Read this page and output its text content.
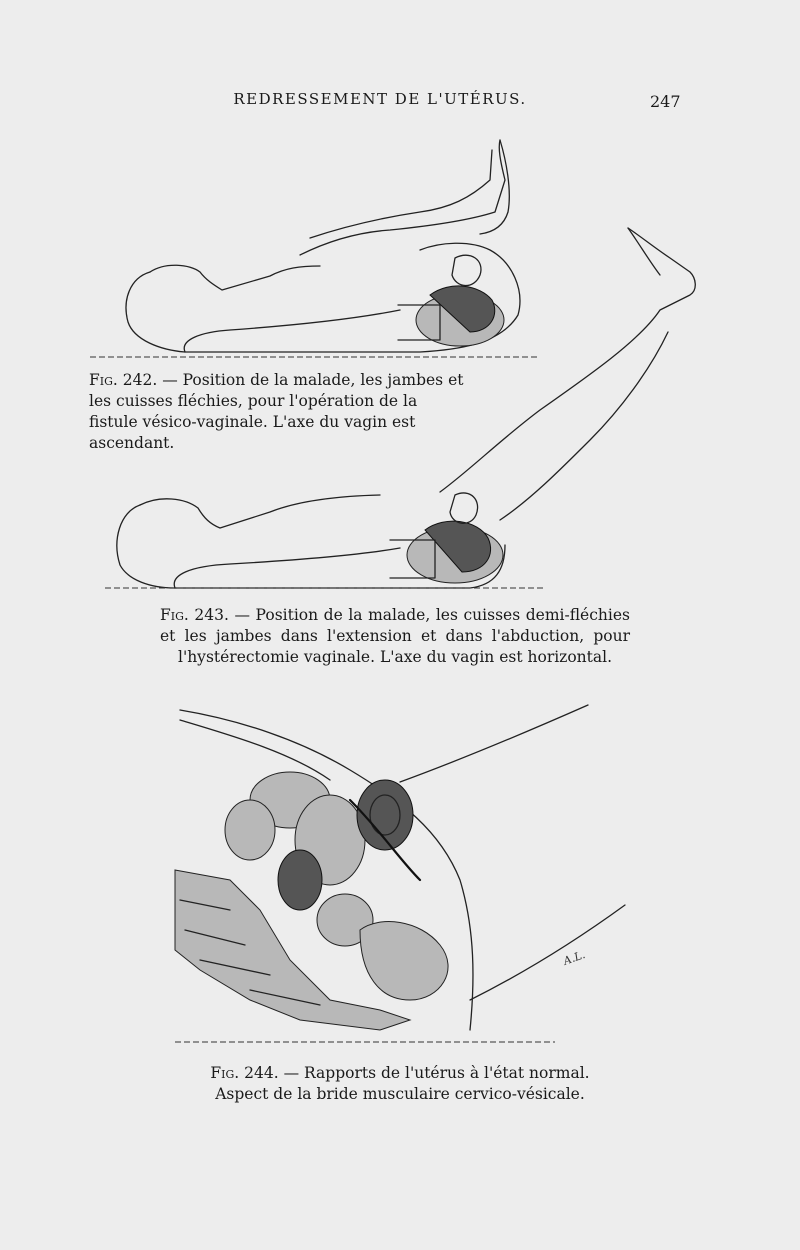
REDRESSEMENT DE L'UTÉRUS.	247
Fig. 242. — Position de la malade, les jambes et les cuisses fléchies, pour l'opération de la fistule vésico-vaginale. L'axe du vagin est ascendant.
Fig. 243. — Position de la malade, les cuisses demi-fléchies et les jambes dans l'extension et dans l'abduction, pour l'hystérectomie vaginale. L'axe du vagin est horizontal.
A.L.
Fig. 244. — Rapports de l'utérus à l'état normal. Aspect de la bride musculaire cervico-vésicale.
